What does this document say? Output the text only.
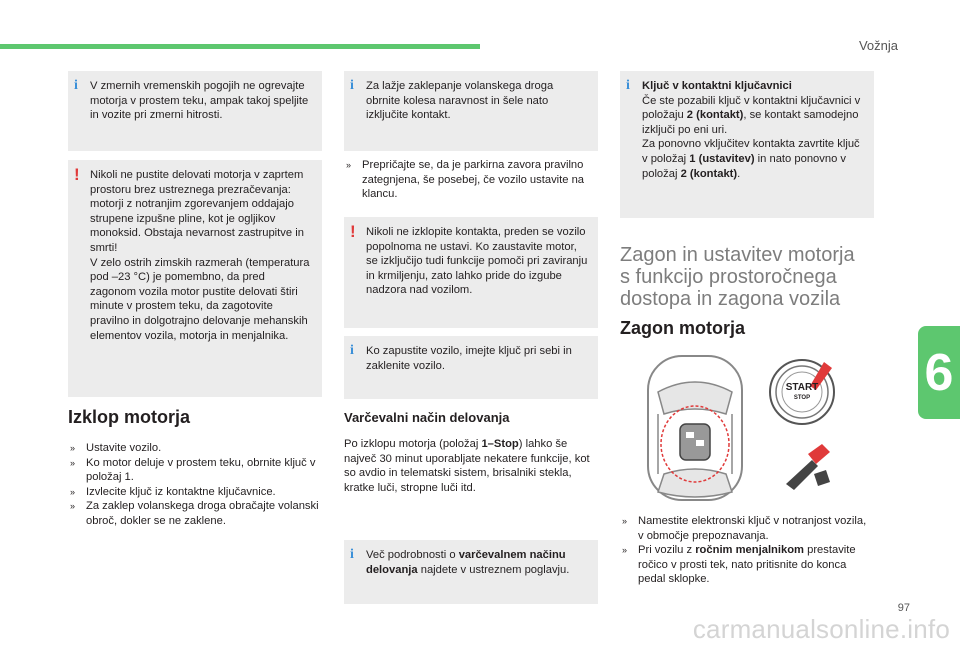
Vožnja
6
97
carmanualsonline.info
i V zmernih vremenskih pogojih ne ogrevajte motorja v prostem teku, ampak takoj speljite in vozite pri zmerni hitrosti.

! Nikoli ne pustite delovati motorja v zaprtem prostoru brez ustreznega prezračevanja: motorji z notranjim zgorevanjem oddajajo strupene izpušne pline, kot je ogljikov monoksid. Obstaja nevarnost zastrupitve in smrti!

V zelo ostrih zimskih razmerah (temperatura pod –23 °C) je pomembno, da pred zagonom vozila motor pustite delovati štiri minute v prostem teku, da zagotovite pravilno in dolgotrajno delovanje mehanskih elementov vozila, motorja in menjalnika.

Izklop motorja

» Ustavite vozilo.

» Ko motor deluje v prostem teku, obrnite ključ v položaj 1.

» Izvlecite ključ iz kontaktne ključavnice.

» Za zaklep volanskega droga obračajte volanski obroč, dokler se ne zaklene.

i Za lažje zaklepanje volanskega droga obrnite kolesa naravnost in šele nato izključite kontakt.

» Prepričajte se, da je parkirna zavora pravilno zategnjena, še posebej, če vozilo ustavite na klancu.

! Nikoli ne izklopite kontakta, preden se vozilo popolnoma ne ustavi. Ko zaustavite motor, se izključijo tudi funkcije pomoči pri zaviranju in krmiljenju, zato lahko pride do izgube nadzora nad vozilom.

i Ko zapustite vozilo, imejte ključ pri sebi in zaklenite vozilo.

Varčevalni način delovanja

Po izklopu motorja (položaj 1–Stop) lahko še največ 30 minut uporabljate nekatere funkcije, kot so avdio in telematski sistem, brisalniki stekla, kratke luči, stropne luči itd.

i Več podrobnosti o varčevalnem načinu delovanja najdete v ustreznem poglavju.

i Ključ v kontaktni ključavnici

Če ste pozabili ključ v kontaktni ključavnici v položaju 2 (kontakt), se kontakt samodejno izključi po eni uri.

Za ponovno vključitev kontakta zavrtite ključ v položaj 1 (ustavitev) in nato ponovno v položaj 2 (kontakt).

Zagon in ustavitev motorja s funkcijo prostoročnega dostopa in zagona vozila
Zagon motorja
START
STOP

» Namestite elektronski ključ v notranjost vozila, v območje prepoznavanja.

» Pri vozilu z ročnim menjalnikom prestavite ročico v prosti tek, nato pritisnite do konca pedal sklopke.
